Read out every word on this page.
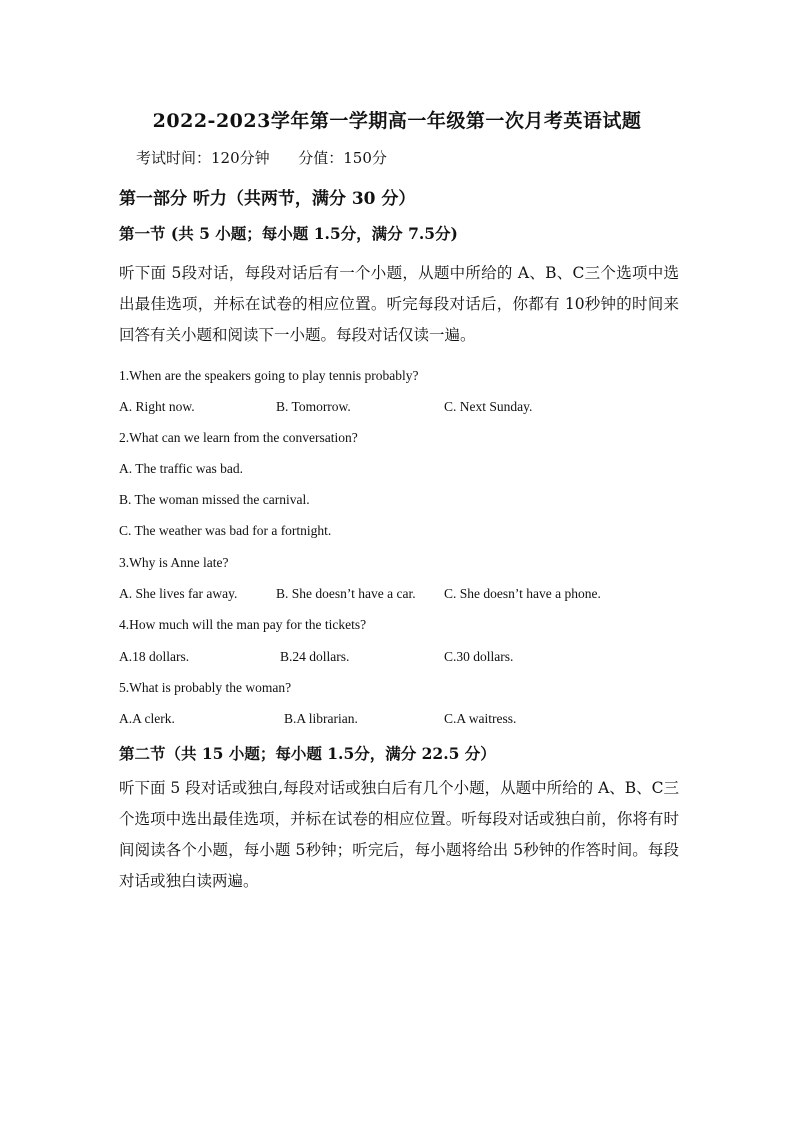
2022-2023学年第一学期高一年级第一次月考英语试题
考试时间：120分钟 分值：150分
第一部分 听力（共两节，满分 30 分）
第一节 (共 5 小题；每小题 1.5分，满分 7.5分)
听下面 5段对话，每段对话后有一个小题，从题中所给的 A、B、C三个选项中选出最佳选项，并标在试卷的相应位置。听完每段对话后，你都有 10秒钟的时间来回答有关小题和阅读下一小题。每段对话仅读一遍。
1.When are the speakers going to play tennis probably?
A. Right now.	B. Tomorrow.	C. Next Sunday.
2.What can we learn from the conversation?
A. The traffic was bad.
B. The woman missed the carnival.
C. The weather was bad for a fortnight.
3.Why is Anne late?
A. She lives far away.	B. She doesn’t have a car. C. She doesn’t have a phone.
4.How much will the man pay for the tickets?
A.18 dollars.	B.24 dollars.	C.30 dollars.
5.What is probably the woman?
A.A clerk.	B.A librarian.	C.A waitress.
第二节（共 15 小题；每小题 1.5分，满分 22.5 分）
听下面 5 段对话或独白,每段对话或独白后有几个小题，从题中所给的 A、B、C三个选项中选出最佳选项，并标在试卷的相应位置。听每段对话或独白前，你将有时间阅读各个小题，每小题 5秒钟；听完后，每小题将给出 5秒钟的作答时间。每段对话或独白读两遍。
